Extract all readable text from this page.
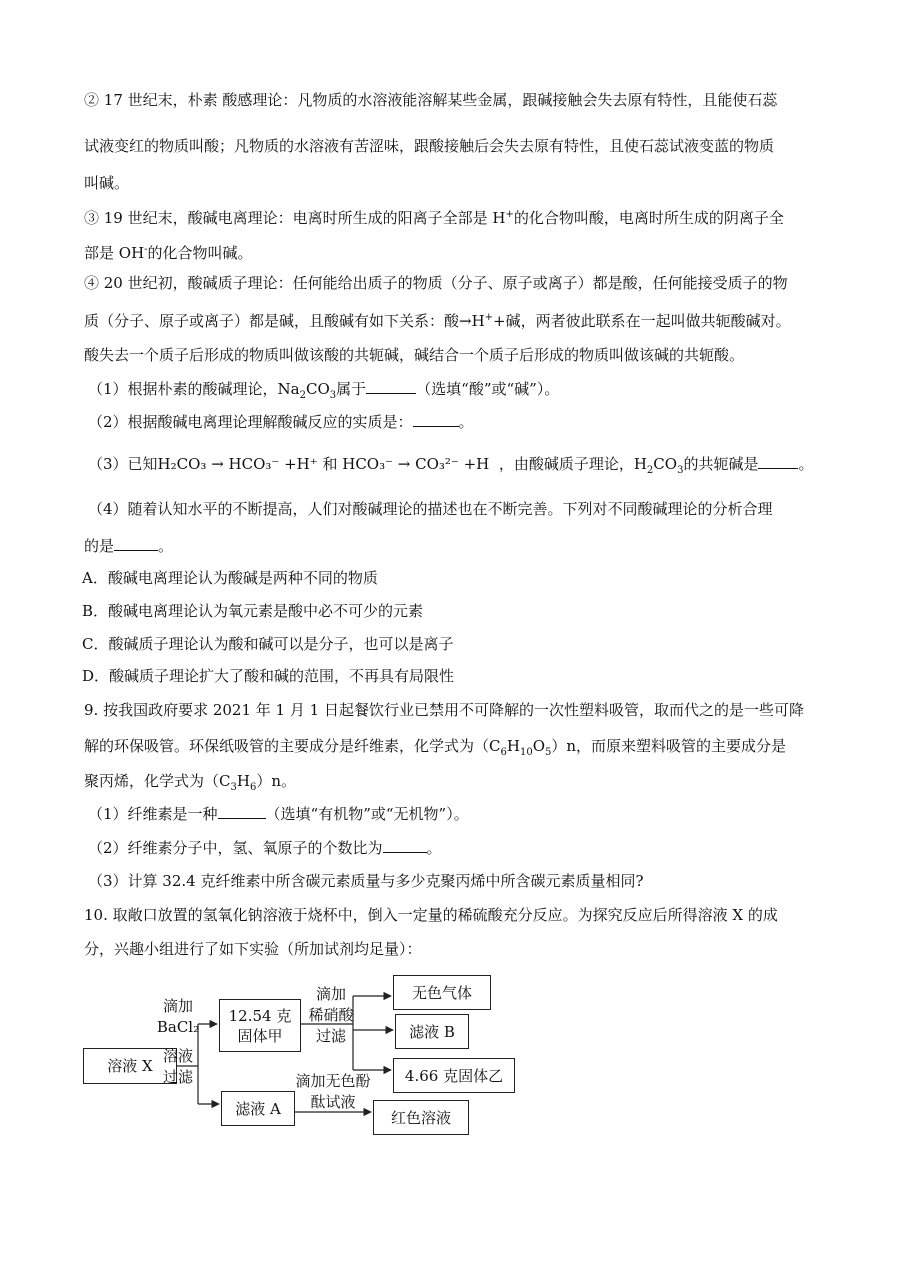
② 17 世纪末，朴素 酸感理论：凡物质的水溶液能溶解某些金属，跟碱接触会失去原有特性，且能使石蕊
试液变红的物质叫酸；凡物质的水溶液有苦涩味，跟酸接触后会失去原有特性，且使石蕊试液变蓝的物质
叫碱。
③ 19 世纪末，酸碱电离理论：电离时所生成的阳离子全部是 H+的化合物叫酸，电离时所生成的阴离子全
部是 OH-的化合物叫碱。
④ 20 世纪初，酸碱质子理论：任何能给出质子的物质（分子、原子或离子）都是酸，任何能接受质子的物
质（分子、原子或离子）都是碱，且酸碱有如下关系：酸→H++碱，两者彼此联系在一起叫做共轭酸碱对。
酸失去一个质子后形成的物质叫做该酸的共轭碱，碱结合一个质子后形成的物质叫做该碱的共轭酸。
（1）根据朴素的酸碱理论，$Na_2CO_3$属于	（选填“酸”或“碱”）。
（2）根据酸碱电离理论理解酸碱反应的实质是：	。
（3）已知H₂CO₃ → HCO₃⁻ +H⁺ 和 HCO₃⁻ → CO₃²⁻ +H ，由酸碱质子理论，$H_2CO_3$的共轭碱是	。
（4）随着认知水平的不断提高，人们对酸碱理论的描述也在不断完善。下列对不同酸碱理论的分析合理
的是	。
A．酸碱电离理论认为酸碱是两种不同的物质
B．酸碱电离理论认为氧元素是酸中必不可少的元素
C．酸碱质子理论认为酸和碱可以是分子，也可以是离子
D．酸碱质子理论扩大了酸和碱的范围，不再具有局限性
9. 按我国政府要求 2021 年 1 月 1 日起餐饮行业已禁用不可降解的一次性塑料吸管，取而代之的是一些可降
解的环保吸管。环保纸吸管的主要成分是纤维素，化学式为$(C_6H_{10}O_5)n$，而原来塑料吸管的主要成分是
聚丙烯，化学式为$(C_3H_6)n$。
（1）纤维素是一种	（选填“有机物”或“无机物”）。
（2）纤维素分子中，氢、氧原子的个数比为	。
（3）计算 32.4 克纤维素中所含碳元素质量与多少克聚丙烯中所含碳元素质量相同?
10. 取敞口放置的氢氧化钠溶液于烧杯中，倒入一定量的稀硫酸充分反应。为探究反应后所得溶液 X 的成
分，兴趣小组进行了如下实验（所加试剂均足量）：
溶液 X
12.54 克
固体甲
滤液 A
无色气体
滤液 B
4.66 克固体乙
红色溶液
滴加
BaCl₂
溶液
过滤
滴加
稀硝酸
过滤
滴加无色酚
酞试液
